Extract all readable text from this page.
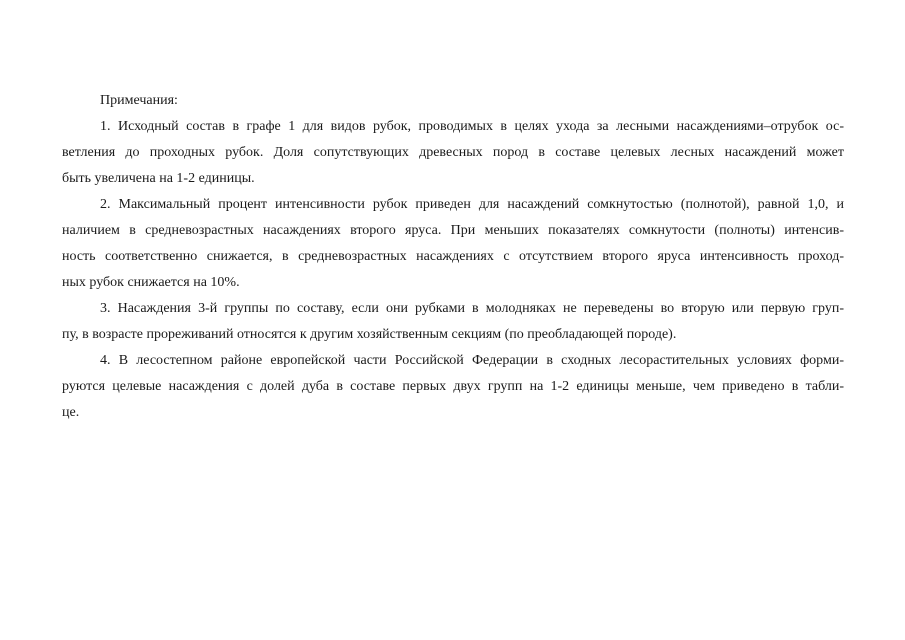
Примечания:
1. Исходный состав в графе 1 для видов рубок, проводимых в целях ухода за лесными насаждениями–отрубок ос-
ветления до проходных рубок. Доля сопутствующих древесных пород в составе целевых лесных насаждений может
быть увеличена на 1-2 единицы.
2. Максимальный процент интенсивности рубок приведен для насаждений сомкнутостью (полнотой), равной 1,0, и
наличием в средневозрастных насаждениях второго яруса. При меньших показателях сомкнутости (полноты) интенсив-
ность соответственно снижается, в средневозрастных насаждениях с отсутствием второго яруса интенсивность проход-
ных рубок снижается на 10%.
3. Насаждения 3-й группы по составу, если они рубками в молодняках не переведены во вторую или первую груп-
пу, в возрасте прореживаний относятся к другим хозяйственным секциям (по преобладающей породе).
4. В лесостепном районе европейской части Российской Федерации в сходных лесорастительных условиях форми-
руются целевые насаждения с долей дуба в составе первых двух групп на 1-2 единицы меньше, чем приведено в табли-
це.
